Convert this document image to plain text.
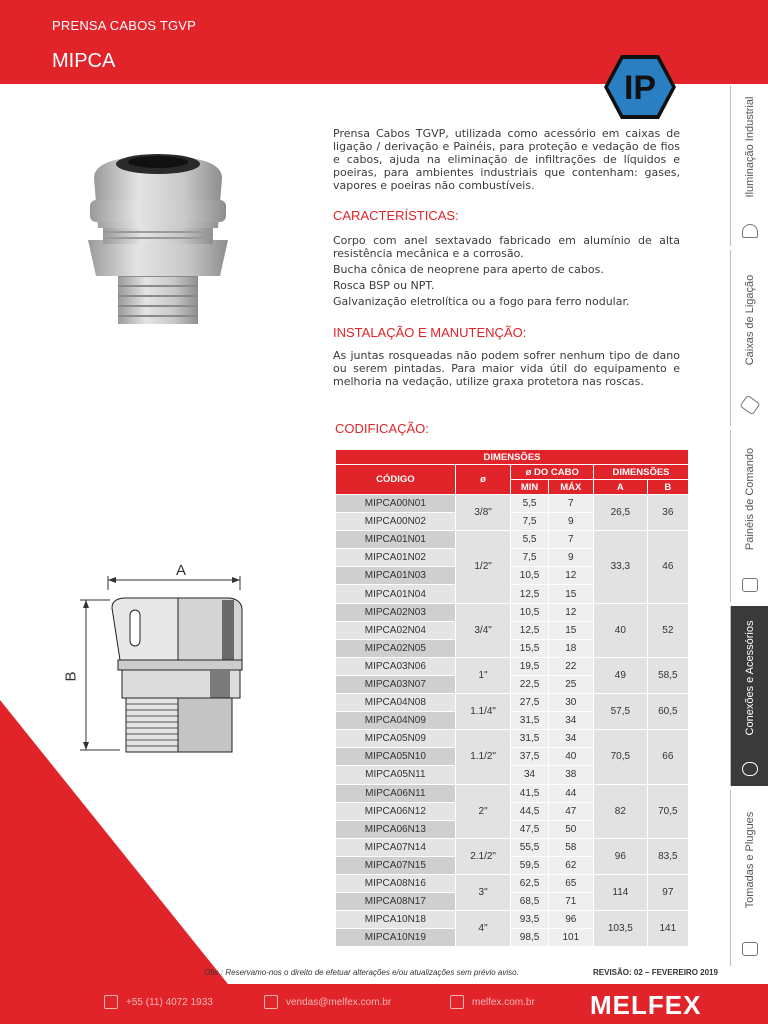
PRENSA CABOS TGVP
MIPCA
IP
A
B
Prensa Cabos TGVP, utilizada como acessório em caixas de ligação / derivação e Painéis, para proteção e vedação de fios e cabos, ajuda na eliminação de infiltrações de líquidos e poeiras, para ambientes industriais que contenham: gases, vapores e poeiras não combustíveis.
CARACTERÍSTICAS:

Corpo com anel sextavado fabricado em alumínio de alta resistência mecânica e a corrosão.

Bucha cônica de neoprene para aperto de cabos.

Rosca BSP ou NPT.

Galvanização eletrolítica ou a fogo para ferro nodular.

INSTALAÇÃO E MANUTENÇÃO:
As juntas rosqueadas não podem sofrer nenhum tipo de dano ou serem pintadas. Para maior vida útil do equipamento e melhoria na vedação, utilize graxa protetora nas roscas.
CODIFICAÇÃO:
DIMENSÕES					
CÓDIGO	ø	ø DO CABO		DIMENSÕES	
		MIN	MÁX	A	B
MIPCA00N01	3/8"	5,5	7	26,5	36
MIPCA00N02		7,5	9		
MIPCA01N01	1/2"	5,5	7	33,3	46
MIPCA01N02		7,5	9		
MIPCA01N03		10,5	12		
MIPCA01N04		12,5	15		
MIPCA02N03	3/4"	10,5	12	40	52
MIPCA02N04		12,5	15		
MIPCA02N05		15,5	18		
MIPCA03N06	1"	19,5	22	49	58,5
MIPCA03N07		22,5	25		
MIPCA04N08	1.1/4"	27,5	30	57,5	60,5
MIPCA04N09		31,5	34		
MIPCA05N09	1.1/2"	31,5	34	70,5	66
MIPCA05N10		37,5	40		
MIPCA05N11		34	38		
MIPCA06N11	2"	41,5	44	82	70,5
MIPCA06N12		44,5	47		
MIPCA06N13		47,5	50		
MIPCA07N14	2.1/2"	55,5	58	96	83,5
MIPCA07N15		59,5	62		
MIPCA08N16	3"	62,5	65	114	97
MIPCA08N17		68,5	71		
MIPCA10N18	4"	93,5	96	103,5	141
MIPCA10N19		98,5	101		
Obs.: Reservamo-nos o direito de efetuar alterações e/ou atualizações sem prévio aviso.	REVISÃO: 02 – FEVEREIRO 2019
Iluminação Industrial
Caixas de Ligação
Painéis de Comando
Conexões e Acessórios
Tomadas e Plugues
+55 (11) 4072 1933	vendas@melfex.com.br	melfex.com.br MELFEX
